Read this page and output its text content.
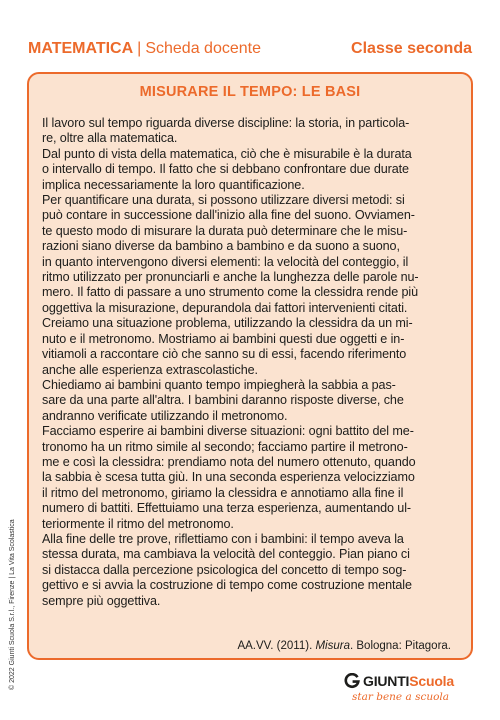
MATEMATICA | Scheda docente	Classe seconda
MISURARE IL TEMPO: LE BASI

Il lavoro sul tempo riguarda diverse discipline: la storia, in particola-

re, oltre alla matematica.

Dal punto di vista della matematica, ciò che è misurabile è la durata

o intervallo di tempo. Il fatto che si debbano confrontare due durate

implica necessariamente la loro quantificazione.

Per quantificare una durata, si possono utilizzare diversi metodi: si

può contare in successione dall'inizio alla fine del suono. Ovviamen-

te questo modo di misurare la durata può determinare che le misu-

razioni siano diverse da bambino a bambino e da suono a suono,

in quanto intervengono diversi elementi: la velocità del conteggio, il

ritmo utilizzato per pronunciarli e anche la lunghezza delle parole nu-

mero. Il fatto di passare a uno strumento come la clessidra rende più

oggettiva la misurazione, depurandola dai fattori intervenienti citati.

Creiamo una situazione problema, utilizzando la clessidra da un mi-

nuto e il metronomo. Mostriamo ai bambini questi due oggetti e in-

vitiamoli a raccontare ciò che sanno su di essi, facendo riferimento

anche alle esperienza extrascolastiche.

Chiediamo ai bambini quanto tempo impiegherà la sabbia a pas-

sare da una parte all'altra. I bambini daranno risposte diverse, che

andranno verificate utilizzando il metronomo.

Facciamo esperire ai bambini diverse situazioni: ogni battito del me-

tronomo ha un ritmo simile al secondo; facciamo partire il metrono-

me e così la clessidra: prendiamo nota del numero ottenuto, quando

la sabbia è scesa tutta giù. In una seconda esperienza velocizziamo

il ritmo del metronomo, giriamo la clessidra e annotiamo alla fine il

numero di battiti. Effettuiamo una terza esperienza, aumentando ul-

teriormente il ritmo del metronomo.

Alla fine delle tre prove, riflettiamo con i bambini: il tempo aveva la

stessa durata, ma cambiava la velocità del conteggio. Pian piano ci

si distacca dalla percezione psicologica del concetto di tempo sog-

gettivo e si avvia la costruzione di tempo come costruzione mentale

sempre più oggettiva.

AA.VV. (2011). Misura. Bologna: Pitagora.
© 2022 Giunti Scuola S.r.l., Firenze | La Vita Scolastica	GIUNTIScuola
star bene a scuola
